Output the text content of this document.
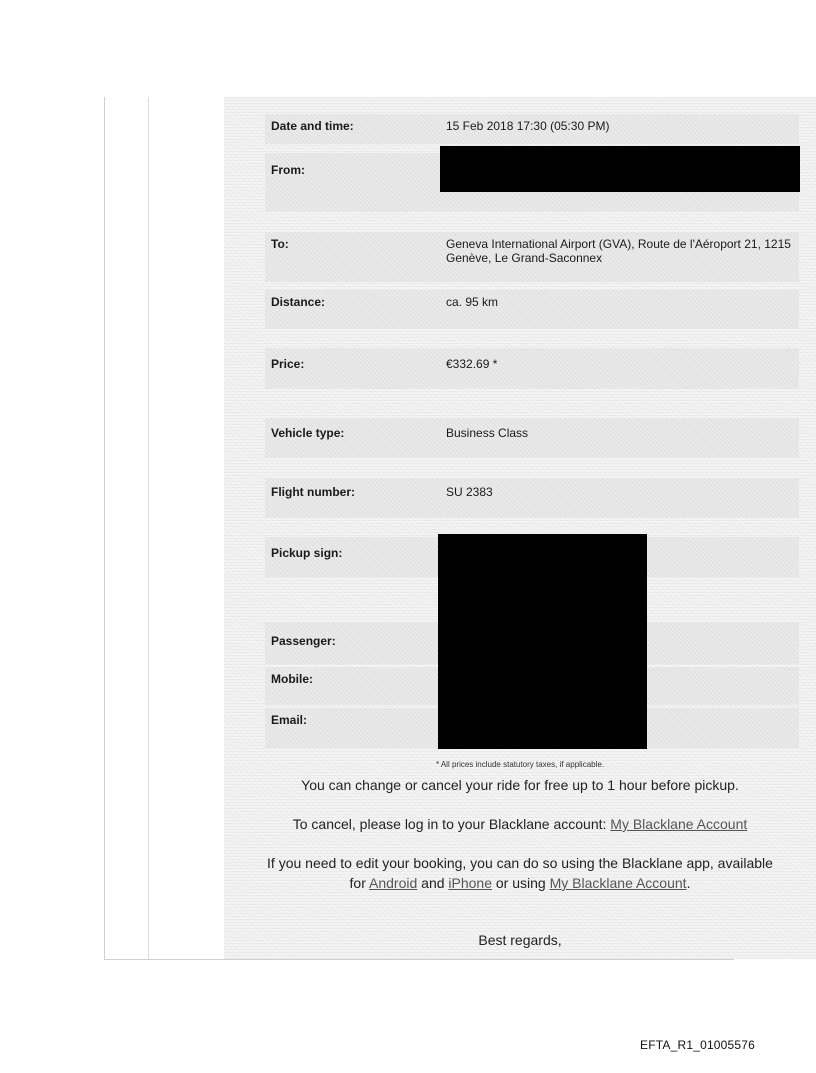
Date and time:	15 Feb 2018 17:30 (05:30 PM)
From:
To:	Geneva International Airport (GVA), Route de l'Aéroport 21, 1215 Genève, Le Grand-Saconnex
Distance:	ca. 95 km
Price:	€332.69 *
Vehicle type:	Business Class
Flight number:	SU 2383
Pickup sign:
Passenger:
Mobile:
Email:
* All prices include statutory taxes, if applicable.
You can change or cancel your ride for free up to 1 hour before pickup.
To cancel, please log in to your Blacklane account: My Blacklane Account
If you need to edit your booking, you can do so using the Blacklane app, available
for Android and iPhone or using My Blacklane Account.
Best regards,
EFTA_R1_01005576
